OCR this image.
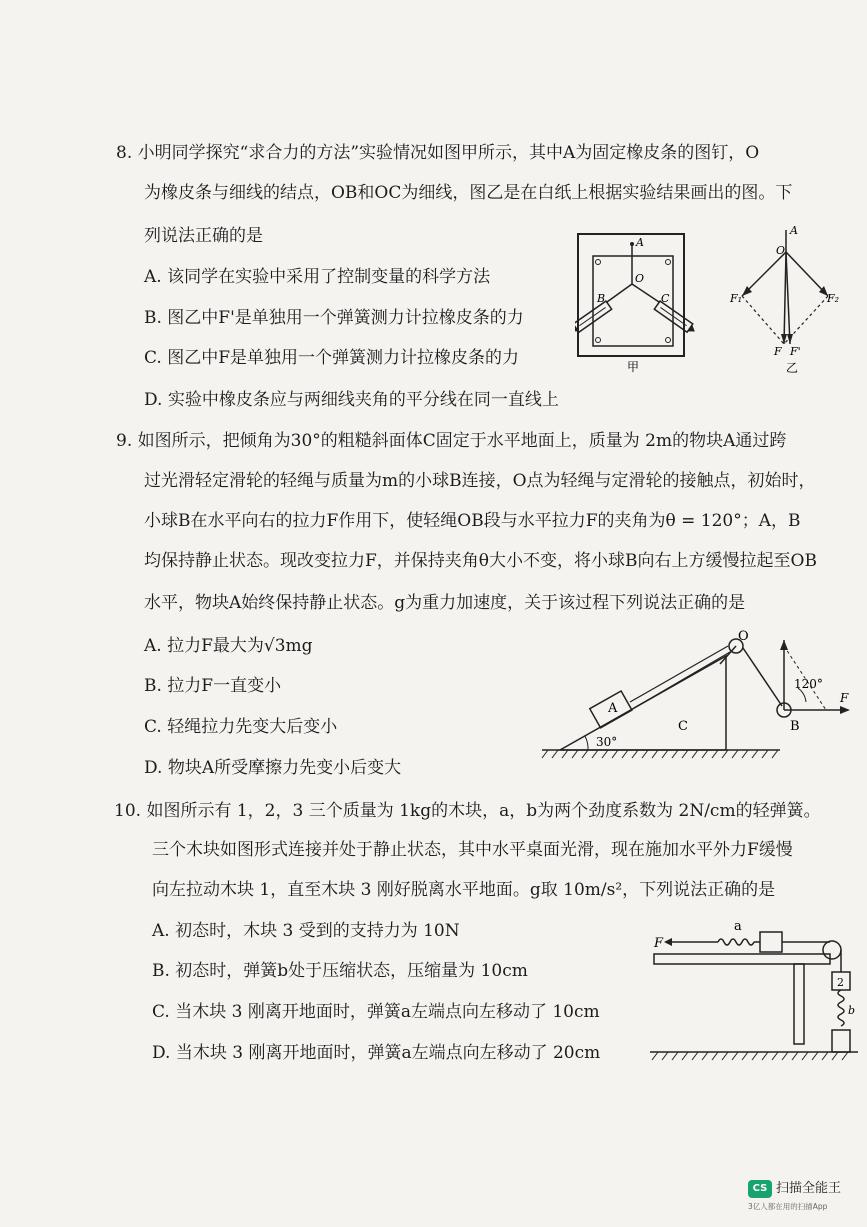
8. 小明同学探究“求合力的方法”实验情况如图甲所示，其中A为固定橡皮条的图钉，O
为橡皮条与细线的结点，OB和OC为细线，图乙是在白纸上根据实验结果画出的图。下
列说法正确的是
A. 该同学在实验中采用了控制变量的科学方法
B. 图乙中F'是单独用一个弹簧测力计拉橡皮条的力
C. 图乙中F是单独用一个弹簧测力计拉橡皮条的力
D. 实验中橡皮条应与两细线夹角的平分线在同一直线上
A
O
B	C
甲
A
O
F₁	F₂
F F'
乙
9. 如图所示，把倾角为30°的粗糙斜面体C固定于水平地面上，质量为 2m的物块A通过跨
过光滑轻定滑轮的轻绳与质量为m的小球B连接，O点为轻绳与定滑轮的接触点，初始时，
小球B在水平向右的拉力F作用下，使轻绳OB段与水平拉力F的夹角为θ = 120°；A，B
均保持静止状态。现改变拉力F，并保持夹角θ大小不变，将小球B向右上方缓慢拉起至OB
水平，物块A始终保持静止状态。g为重力加速度，关于该过程下列说法正确的是
A. 拉力F最大为√3mg
B. 拉力F一直变小
C. 轻绳拉力先变大后变小
D. 物块A所受摩擦力先变小后变大
O
A
C	B
F
120°
30°
10. 如图所示有 1，2，3 三个质量为 1kg的木块，a，b为两个劲度系数为 2N/cm的轻弹簧。
三个木块如图形式连接并处于静止状态，其中水平桌面光滑，现在施加水平外力F缓慢
向左拉动木块 1，直至木块 3 刚好脱离水平地面。g取 10m/s²，下列说法正确的是
A. 初态时，木块 3 受到的支持力为 10N
B. 初态时，弹簧b处于压缩状态，压缩量为 10cm
C. 当木块 3 刚离开地面时，弹簧a左端点向左移动了 10cm
D. 当木块 3 刚离开地面时，弹簧a左端点向左移动了 20cm
F
a
2
b
CS 扫描全能王
3亿人都在用的扫描App
